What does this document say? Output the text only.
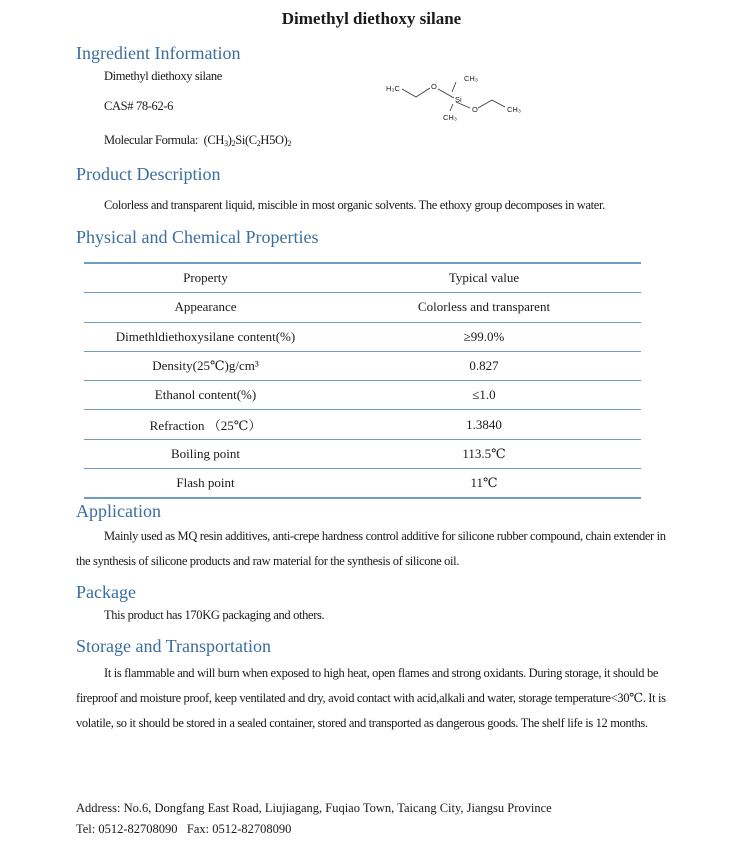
Dimethyl diethoxy silane
Ingredient Information
Dimethyl diethoxy silane
CAS# 78-62-6
Molecular Formula: $(CH_3)_2Si(C_2H5O)_2$
H₃C	O
CH₃
Si
O
CH₃
CH₃
Product Description
Colorless and transparent liquid, miscible in most organic solvents. The ethoxy group decomposes in water.
Physical and Chemical Properties
Property	Typical value
Appearance	Colorless and transparent
Dimethldiethoxysilane content(%)	≥99.0%
Density(25℃)g/cm³	0.827
Ethanol content(%)	≤1.0
Refraction （25℃）	1.3840
Boiling point	113.5℃
Flash point	11℃
Application

Mainly used as MQ resin additives, anti-crepe hardness control additive for silicone rubber compound, chain extender in the synthesis of silicone products and raw material for the synthesis of silicone oil.

Package
This product has 170KG packaging and others.
Storage and Transportation

It is flammable and will burn when exposed to high heat, open flames and strong oxidants. During storage, it should be fireproof and moisture proof, keep ventilated and dry, avoid contact with acid,alkali and water, storage temperature<30℃. It is volatile, so it should be stored in a sealed container, stored and transported as dangerous goods. The shelf life is 12 months.

Address: No.6, Dongfang East Road, Liujiagang, Fuqiao Town, Taicang City, Jiangsu Province
Tel: 0512-82708090   Fax: 0512-82708090
